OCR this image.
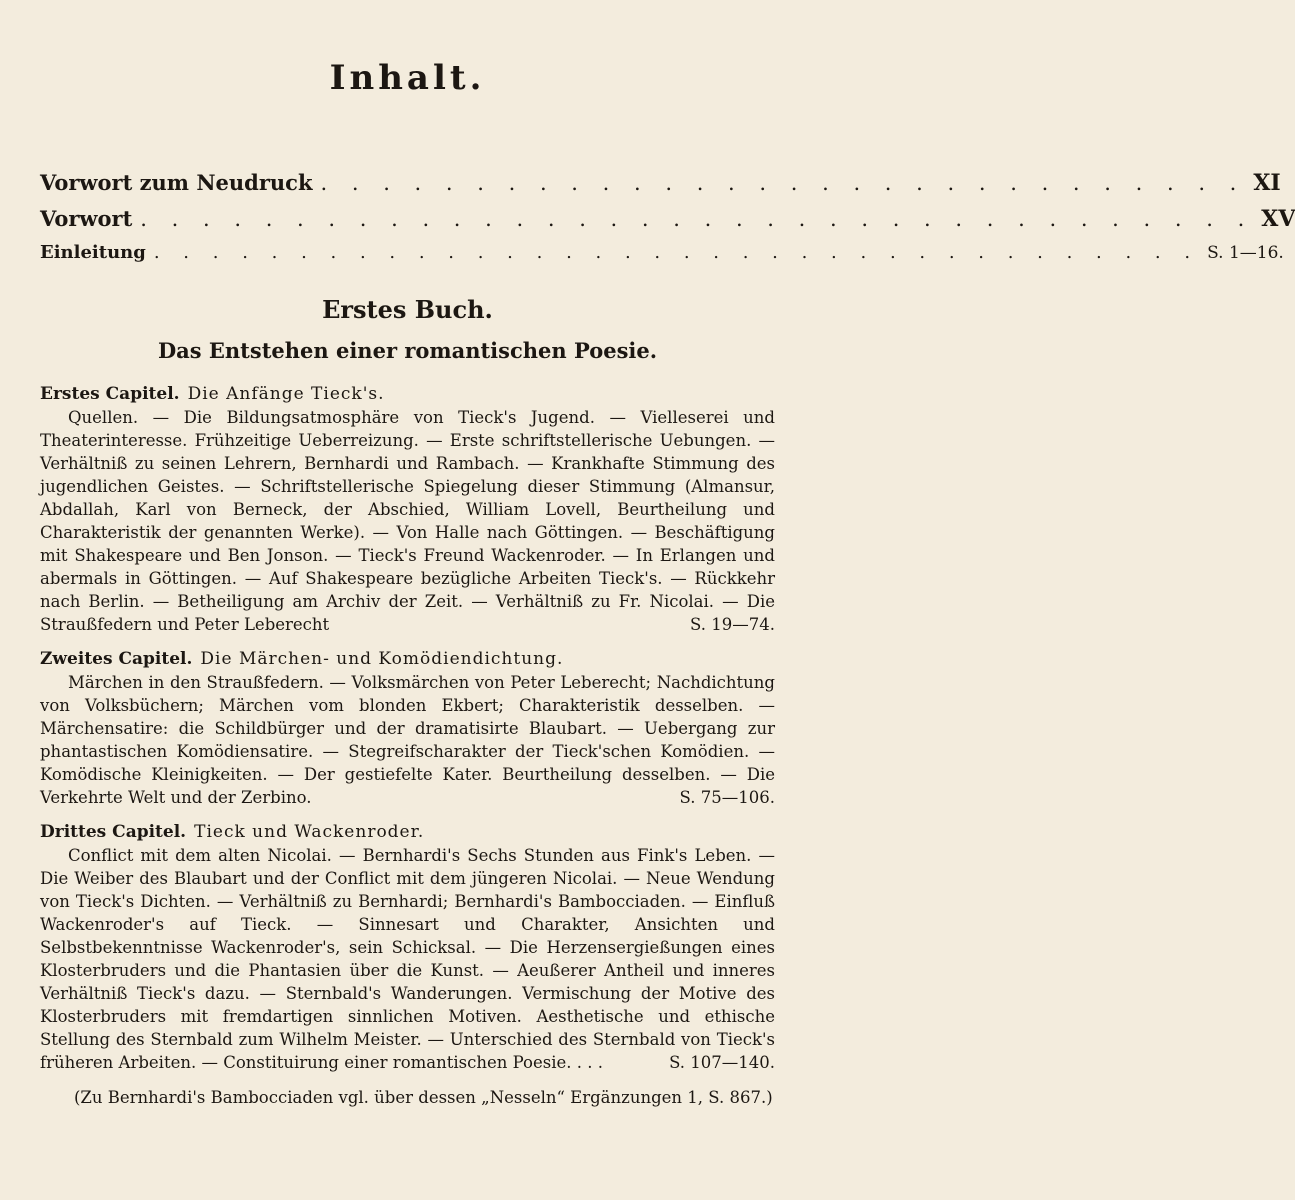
Inhalt.
Vorwort zum Neudruck . . . . . . . . . . . . . . . . . . . . . . . . . . . . . . XI
Vorwort . . . . . . . . . . . . . . . . . . . . . . . . . . . . . . . . . . . . XV
Einleitung . . . . . . . . . . . . . . . . . . . . . . . . . . . . . . . . . . . . S. 1—16.
Erstes Buch.
Das Entstehen einer romantischen Poesie.
Erstes Capitel. Die Anfänge Tieck's.
Quellen. — Die Bildungsatmosphäre von Tieck's Jugend. — Vielleserei und Theaterinteresse. Frühzeitige Ueberreizung. — Erste schriftstellerische Uebungen. — Verhältniß zu seinen Lehrern, Bernhardi und Rambach. — Krankhafte Stimmung des jugendlichen Geistes. — Schriftstellerische Spiegelung dieser Stimmung (Almansur, Abdallah, Karl von Berneck, der Abschied, William Lovell, Beurtheilung und Charakteristik der genannten Werke). — Von Halle nach Göttingen. — Beschäftigung mit Shakespeare und Ben Jonson. — Tieck's Freund Wackenroder. — In Erlangen und abermals in Göttingen. — Auf Shakespeare bezügliche Arbeiten Tieck's. — Rückkehr nach Berlin. — Betheiligung am Archiv der Zeit. — Verhältniß zu Fr. Nicolai. — Die Straußfedern und Peter Leberecht	S. 19—74.
Zweites Capitel. Die Märchen- und Komödiendichtung.
Märchen in den Straußfedern. — Volksmärchen von Peter Leberecht; Nachdichtung von Volksbüchern; Märchen vom blonden Ekbert; Charakteristik desselben. — Märchensatire: die Schildbürger und der dramatisirte Blaubart. — Uebergang zur phantastischen Komödiensatire. — Stegreifscharakter der Tieck'schen Komödien. — Komödische Kleinigkeiten. — Der gestiefelte Kater. Beurtheilung desselben. — Die Verkehrte Welt und der Zerbino.	S. 75—106.
Drittes Capitel. Tieck und Wackenroder.
Conflict mit dem alten Nicolai. — Bernhardi's Sechs Stunden aus Fink's Leben. — Die Weiber des Blaubart und der Conflict mit dem jüngeren Nicolai. — Neue Wendung von Tieck's Dichten. — Verhältniß zu Bernhardi; Bernhardi's Bambocciaden. — Einfluß Wackenroder's auf Tieck. — Sinnesart und Charakter, Ansichten und Selbstbekenntnisse Wackenroder's, sein Schicksal. — Die Herzensergießungen eines Klosterbruders und die Phantasien über die Kunst. — Aeußerer Antheil und inneres Verhältniß Tieck's dazu. — Sternbald's Wanderungen. Vermischung der Motive des Klosterbruders mit fremdartigen sinnlichen Motiven. Aesthetische und ethische Stellung des Sternbald zum Wilhelm Meister. — Unterschied des Sternbald von Tieck's früheren Arbeiten. — Constituirung einer romantischen Poesie. . . .	S. 107—140.
(Zu Bernhardi's Bambocciaden vgl. über dessen „Nesseln“ Ergänzungen 1, S. 867.)
